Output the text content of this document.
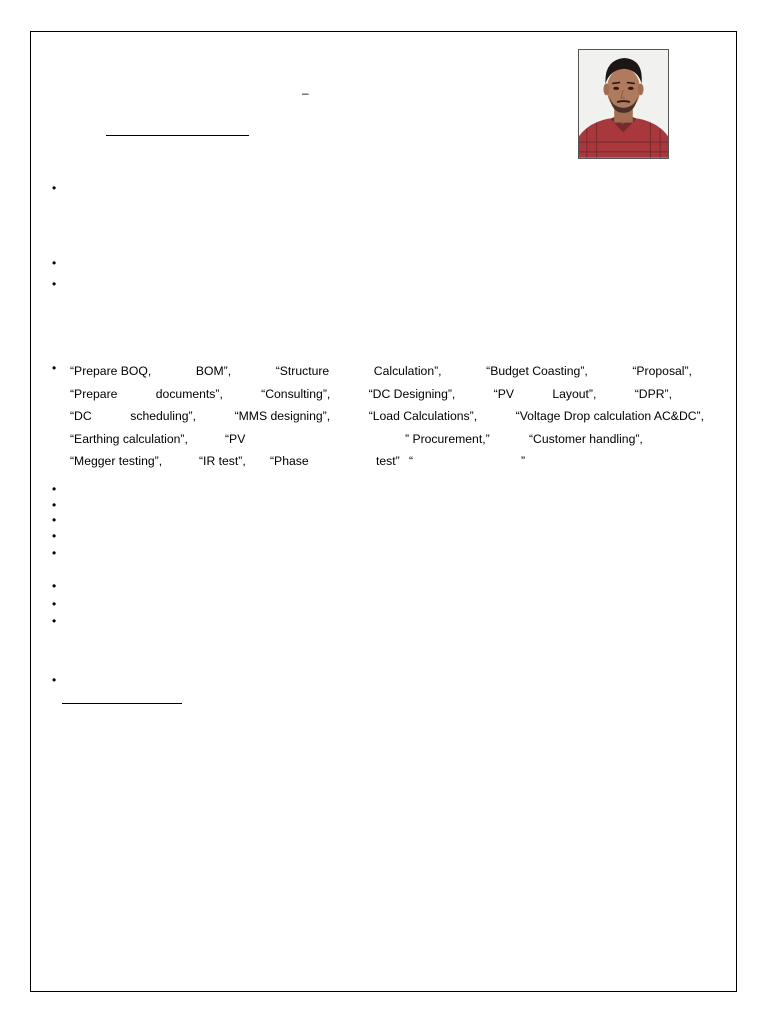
–
•
•
•
•
•
•
•
•
•
•
•
•
•
“Prepare BOQ,	BOM”,	“Structure	Calculation”,	“Budget Coasting”,	“Proposal”,
“Prepare	documents”,	“Consulting”,	“DC Designing”,	“PV	Layout”,	“DPR”,
“DC	scheduling”,	“MMS designing”,	“Load Calculations”,	“Voltage Drop calculation AC&DC”,
“Earthing calculation”,	“PV	” Procurement,”	“Customer handling”,
“Megger testing”,	“IR test”,	“Phase	test” “	”
